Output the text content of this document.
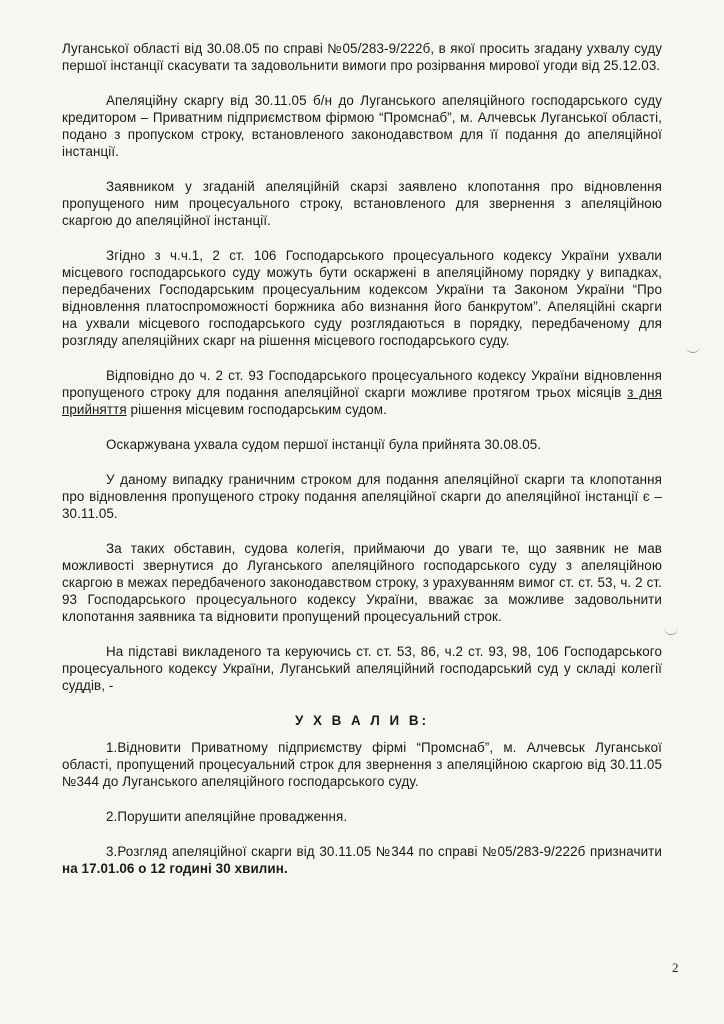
Луганської області від 30.08.05 по справі №05/283-9/222б, в якої просить згадану ухвалу суду першої інстанції скасувати та задовольнити вимоги про розірвання мирової угоди від 25.12.03.

Апеляційну скаргу від 30.11.05 б/н до Луганського апеляційного господарського суду кредитором – Приватним підприємством фірмою “Промснаб”, м. Алчевськ Луганської області, подано з пропуском строку, встановленого законодавством для її подання до апеляційної інстанції.

Заявником у згаданій апеляційній скарзі заявлено клопотання про відновлення пропущеного ним процесуального строку, встановленого для звернення з апеляційною скаргою до апеляційної інстанції.

Згідно з ч.ч.1, 2 ст. 106 Господарського процесуального кодексу України ухвали місцевого господарського суду можуть бути оскаржені в апеляційному порядку у випадках, передбачених Господарським процесуальним кодексом України та Законом України “Про відновлення платоспроможності боржника або визнання його банкрутом”. Апеляційні скарги на ухвали місцевого господарського суду розглядаються в порядку, передбаченому для розгляду апеляційних скарг на рішення місцевого господарського суду.

Відповідно до ч. 2 ст. 93 Господарського процесуального кодексу України відновлення пропущеного строку для подання апеляційної скарги можливе протягом трьох місяців з дня прийняття рішення місцевим господарським судом.

Оскаржувана ухвала судом першої інстанції була прийнята 30.08.05.

У даному випадку граничним строком для подання апеляційної скарги та клопотання про відновлення пропущеного строку подання апеляційної скарги до апеляційної інстанції є – 30.11.05.

За таких обставин, судова колегія, приймаючи до уваги те, що заявник не мав можливості звернутися до Луганського апеляційного господарського суду з апеляційною скаргою в межах передбаченого законодавством строку, з урахуванням вимог ст. ст. 53, ч. 2 ст. 93 Господарського процесуального кодексу України, вважає за можливе задовольнити клопотання заявника та відновити пропущений процесуальний строк.

На підставі викладеного та керуючись ст. ст. 53, 86, ч.2 ст. 93, 98, 106 Господарського процесуального кодексу України, Луганський апеляційний господарський суд у складі колегії суддів, -

У Х В А Л И В:

1.Відновити Приватному підприємству фірмі “Промснаб”, м. Алчевськ Луганської області, пропущений процесуальний строк для звернення з апеляційною скаргою від 30.11.05 №344 до Луганського апеляційного господарського суду.

2.Порушити апеляційне провадження.

3.Розгляд апеляційної скарги від 30.11.05 №344 по справі №05/283-9/222б призначити на 17.01.06 о 12 годині 30 хвилин.

2
